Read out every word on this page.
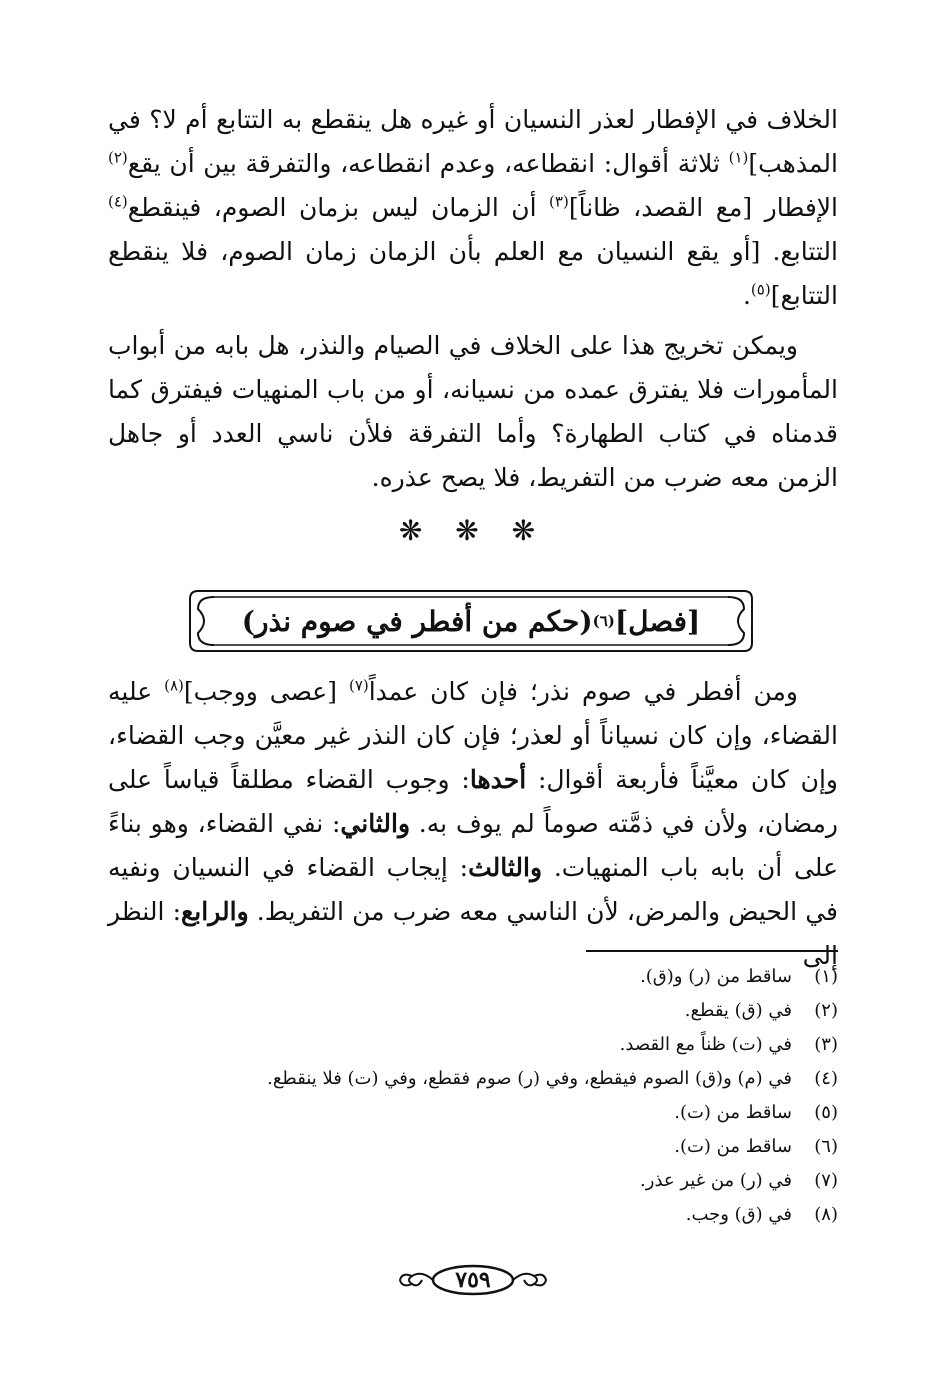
الخلاف في الإفطار لعذر النسيان أو غيره هل ينقطع به التتابع أم لا؟ في المذهب]$^{(١)}$ ثلاثة أقوال: انقطاعه، وعدم انقطاعه، والتفرقة بين أن يقع$^{(٢)}$ الإفطار [مع القصد، ظاناً]$^{(٣)}$ أن الزمان ليس بزمان الصوم، فينقطع$^{(٤)}$ التتابع. [أو يقع النسيان مع العلم بأن الزمان زمان الصوم، فلا ينقطع التتابع]$^{(٥)}$.

ويمكن تخريج هذا على الخلاف في الصيام والنذر، هل بابه من أبواب المأمورات فلا يفترق عمده من نسيانه، أو من باب المنهيات فيفترق كما قدمناه في كتاب الطهارة؟ وأما التفرقة فلأن ناسي العدد أو جاهل الزمن معه ضرب من التفريط، فلا يصح عذره.

❋ ❋ ❋
[فصل]
(٦)
(حكم من أفطر في صوم نذر)

ومن أفطر في صوم نذر؛ فإن كان عمداً$^{(٧)}$ [عصى ووجب]$^{(٨)}$ عليه القضاء، وإن كان نسياناً أو لعذر؛ فإن كان النذر غير معيَّن وجب القضاء، وإن كان معيَّناً فأربعة أقوال: أحدها: وجوب القضاء مطلقاً قياساً على رمضان، ولأن في ذمَّته صوماً لم يوف به. والثاني: نفي القضاء، وهو بناءً على أن بابه باب المنهيات. والثالث: إيجاب القضاء في النسيان ونفيه في الحيض والمرض، لأن الناسي معه ضرب من التفريط. والرابع: النظر إلى

(١)ساقط من (ر) و(ق).
(٢)في (ق) يقطع.
(٣)في (ت) ظناً مع القصد.
(٤)في (م) و(ق) الصوم فيقطع، وفي (ر) صوم فقطع، وفي (ت) فلا ينقطع.
(٥)ساقط من (ت).
(٦)ساقط من (ت).
(٧)في (ر) من غير عذر.
(٨)في (ق) وجب.
٧٥٩
